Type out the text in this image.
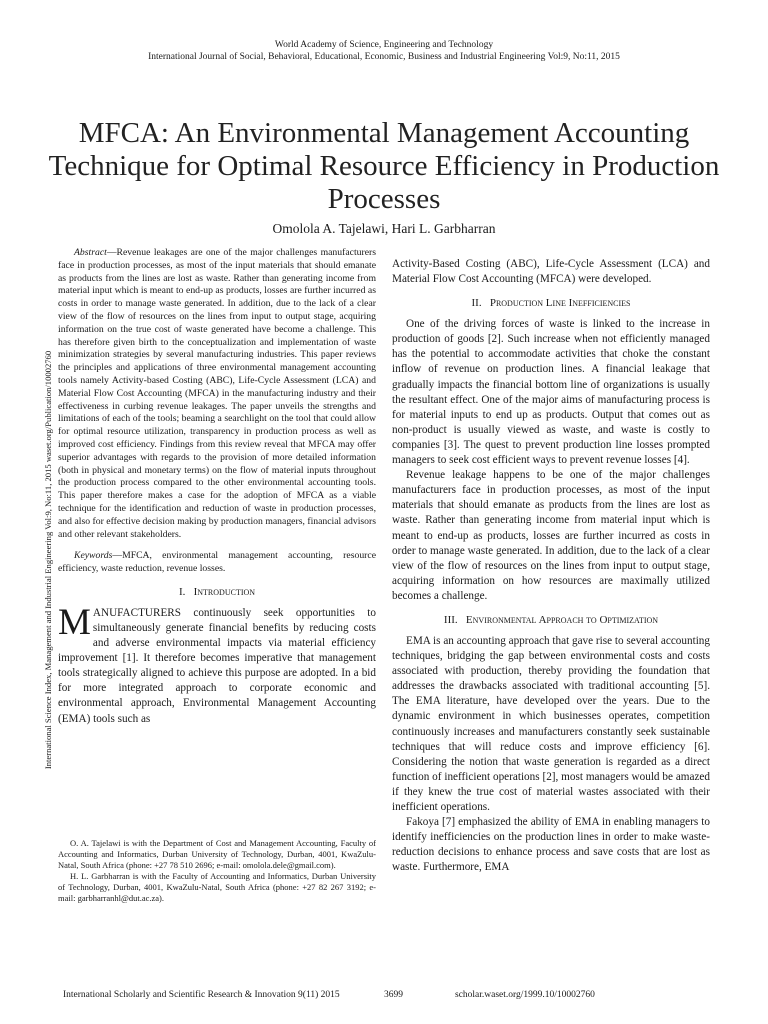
World Academy of Science, Engineering and Technology
International Journal of Social, Behavioral, Educational, Economic, Business and Industrial Engineering Vol:9, No:11, 2015
MFCA: An Environmental Management Accounting Technique for Optimal Resource Efficiency in Production Processes
Omolola A. Tajelawi, Hari L. Garbharran
International Science Index, Management and Industrial Engineering Vol:9, No:11, 2015 waset.org/Publication/10002760

Abstract—Revenue leakages are one of the major challenges manufacturers face in production processes, as most of the input materials that should emanate as products from the lines are lost as waste. Rather than generating income from material input which is meant to end-up as products, losses are further incurred as costs in order to manage waste generated. In addition, due to the lack of a clear view of the flow of resources on the lines from input to output stage, acquiring information on the true cost of waste generated have become a challenge. This has therefore given birth to the conceptualization and implementation of waste minimization strategies by several manufacturing industries. This paper reviews the principles and applications of three environmental management accounting tools namely Activity-based Costing (ABC), Life-Cycle Assessment (LCA) and Material Flow Cost Accounting (MFCA) in the manufacturing industry and their effectiveness in curbing revenue leakages. The paper unveils the strengths and limitations of each of the tools; beaming a searchlight on the tool that could allow for optimal resource utilization, transparency in production process as well as improved cost efficiency. Findings from this review reveal that MFCA may offer superior advantages with regards to the provision of more detailed information (both in physical and monetary terms) on the flow of material inputs throughout the production process compared to the other environmental accounting tools. This paper therefore makes a case for the adoption of MFCA as a viable technique for the identification and reduction of waste in production processes, and also for effective decision making by production managers, financial advisors and other relevant stakeholders.

Keywords—MFCA, environmental management accounting, resource efficiency, waste reduction, revenue losses.

I. Introduction

MANUFACTURERS continuously seek opportunities to simultaneously generate financial benefits by reducing costs and adverse environmental impacts via material efficiency improvement [1]. It therefore becomes imperative that management tools strategically aligned to achieve this purpose are adopted. In a bid for more integrated approach to corporate economic and environmental approach, Environmental Management Accounting (EMA) tools such as

O. A. Tajelawi is with the Department of Cost and Management Accounting, Faculty of Accounting and Informatics, Durban University of Technology, Durban, 4001, KwaZulu-Natal, South Africa (phone: +27 78 510 2696; e-mail: omolola.dele@gmail.com).

H. L. Garbharran is with the Faculty of Accounting and Informatics, Durban University of Technology, Durban, 4001, KwaZulu-Natal, South Africa (phone: +27 82 267 3192; e-mail: garbharranhl@dut.ac.za).

Activity-Based Costing (ABC), Life-Cycle Assessment (LCA) and Material Flow Cost Accounting (MFCA) were developed.

II. Production Line Inefficiencies

One of the driving forces of waste is linked to the increase in production of goods [2]. Such increase when not efficiently managed has the potential to accommodate activities that choke the constant inflow of revenue on production lines. A financial leakage that gradually impacts the financial bottom line of organizations is usually the resultant effect. One of the major aims of manufacturing process is for material inputs to end up as products. Output that comes out as non-product is usually viewed as waste, and waste is costly to companies [3]. The quest to prevent production line losses prompted managers to seek cost efficient ways to prevent revenue losses [4].

Revenue leakage happens to be one of the major challenges manufacturers face in production processes, as most of the input materials that should emanate as products from the lines are lost as waste. Rather than generating income from material input which is meant to end-up as products, losses are further incurred as costs in order to manage waste generated. In addition, due to the lack of a clear view of the flow of resources on the lines from input to output stage, acquiring information on how resources are maximally utilized becomes a challenge.

III. Environmental Approach to Optimization

EMA is an accounting approach that gave rise to several accounting techniques, bridging the gap between environmental costs and costs associated with production, thereby providing the foundation that addresses the drawbacks associated with traditional accounting [5]. The EMA literature, have developed over the years. Due to the dynamic environment in which businesses operates, competition continuously increases and manufacturers constantly seek sustainable techniques that will reduce costs and improve efficiency [6]. Considering the notion that waste generation is regarded as a direct function of inefficient operations [2], most managers would be amazed if they knew the true cost of material wastes associated with their inefficient operations.

Fakoya [7] emphasized the ability of EMA in enabling managers to identify inefficiencies on the production lines in order to make waste-reduction decisions to enhance process and save costs that are lost as waste. Furthermore, EMA

International Scholarly and Scientific Research & Innovation 9(11) 2015	3699	scholar.waset.org/1999.10/10002760
